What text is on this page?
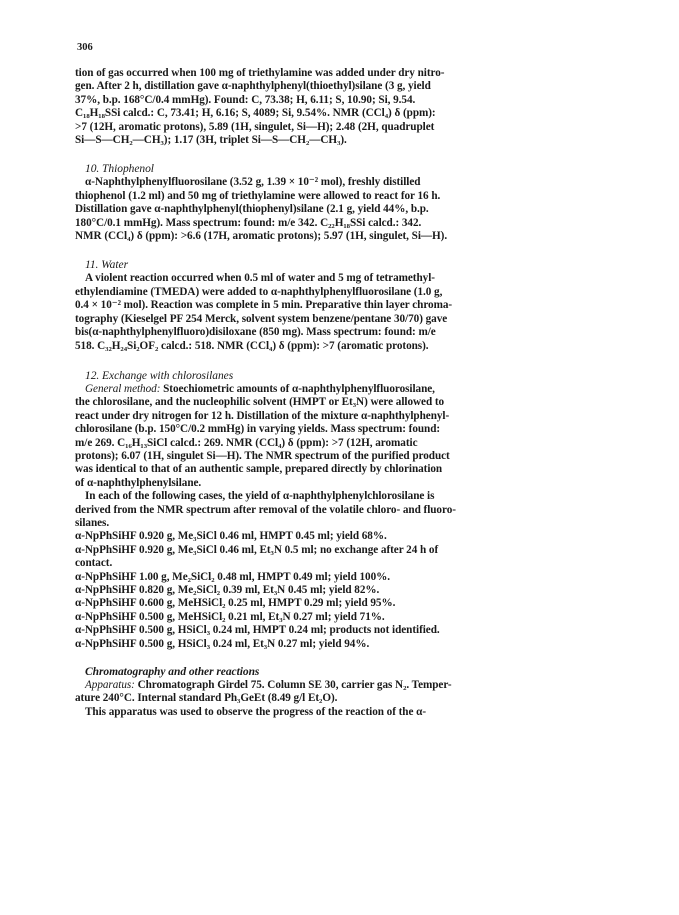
306

tion of gas occurred when 100 mg of triethylamine was added under dry nitro-

gen. After 2 h, distillation gave α-naphthylphenyl(thioethyl)silane (3 g, yield

37%, b.p. 168°C/0.4 mmHg). Found: C, 73.38; H, 6.11; S, 10.90; Si, 9.54.

C₁₈H₁₈SSi calcd.: C, 73.41; H, 6.16; S, 4089; Si, 9.54%. NMR (CCl₄) δ (ppm):

>7 (12H, aromatic protons), 5.89 (1H, singulet, Si—H); 2.48 (2H, quadruplet

Si—S—CH₂—CH₃); 1.17 (3H, triplet Si—S—CH₂—CH₃).

10. Thiophenol

α-Naphthylphenylfluorosilane (3.52 g, 1.39 × 10⁻² mol), freshly distilled

thiophenol (1.2 ml) and 50 mg of triethylamine were allowed to react for 16 h.

Distillation gave α-naphthylphenyl(thiophenyl)silane (2.1 g, yield 44%, b.p.

180°C/0.1 mmHg). Mass spectrum: found: m/e 342. C₂₂H₁₈SSi calcd.: 342.

NMR (CCl₄) δ (ppm): >6.6 (17H, aromatic protons); 5.97 (1H, singulet, Si—H).

11. Water

A violent reaction occurred when 0.5 ml of water and 5 mg of tetramethyl-

ethylendiamine (TMEDA) were added to α-naphthylphenylfluorosilane (1.0 g,

0.4 × 10⁻² mol). Reaction was complete in 5 min. Preparative thin layer chroma-

tography (Kieselgel PF 254 Merck, solvent system benzene/pentane 30/70) gave

bis(α-naphthylphenylfluoro)disiloxane (850 mg). Mass spectrum: found: m/e

518. C₃₂H₂₄Si₂OF₂ calcd.: 518. NMR (CCl₄) δ (ppm): >7 (aromatic protons).

12. Exchange with chlorosilanes

General method: Stoechiometric amounts of α-naphthylphenylfluorosilane,

the chlorosilane, and the nucleophilic solvent (HMPT or Et₃N) were allowed to

react under dry nitrogen for 12 h. Distillation of the mixture α-naphthylphenyl-

chlorosilane (b.p. 150°C/0.2 mmHg) in varying yields. Mass spectrum: found:

m/e 269. C₁₆H₁₃SiCl calcd.: 269. NMR (CCl₄) δ (ppm): >7 (12H, aromatic

protons); 6.07 (1H, singulet Si—H). The NMR spectrum of the purified product

was identical to that of an authentic sample, prepared directly by chlorination

of α-naphthylphenylsilane.

In each of the following cases, the yield of α-naphthylphenylchlorosilane is

derived from the NMR spectrum after removal of the volatile chloro- and fluoro-

silanes.

α-NpPhSiHF 0.920 g, Me₃SiCl 0.46 ml, HMPT 0.45 ml; yield 68%.

α-NpPhSiHF 0.920 g, Me₃SiCl 0.46 ml, Et₃N 0.5 ml; no exchange after 24 h of

contact.

α-NpPhSiHF 1.00 g, Me₂SiCl₂ 0.48 ml, HMPT 0.49 ml; yield 100%.

α-NpPhSiHF 0.820 g, Me₂SiCl₂ 0.39 ml, Et₃N 0.45 ml; yield 82%.

α-NpPhSiHF 0.600 g, MeHSiCl₂ 0.25 ml, HMPT 0.29 ml; yield 95%.

α-NpPhSiHF 0.500 g, MeHSiCl₂ 0.21 ml, Et₃N 0.27 ml; yield 71%.

α-NpPhSiHF 0.500 g, HSiCl₃ 0.24 ml, HMPT 0.24 ml; products not identified.

α-NpPhSiHF 0.500 g, HSiCl₃ 0.24 ml, Et₃N 0.27 ml; yield 94%.

Chromatography and other reactions

Apparatus: Chromatograph Girdel 75. Column SE 30, carrier gas N₂. Temper-

ature 240°C. Internal standard Ph₃GeEt (8.49 g/l Et₂O).

This apparatus was used to observe the progress of the reaction of the α-
